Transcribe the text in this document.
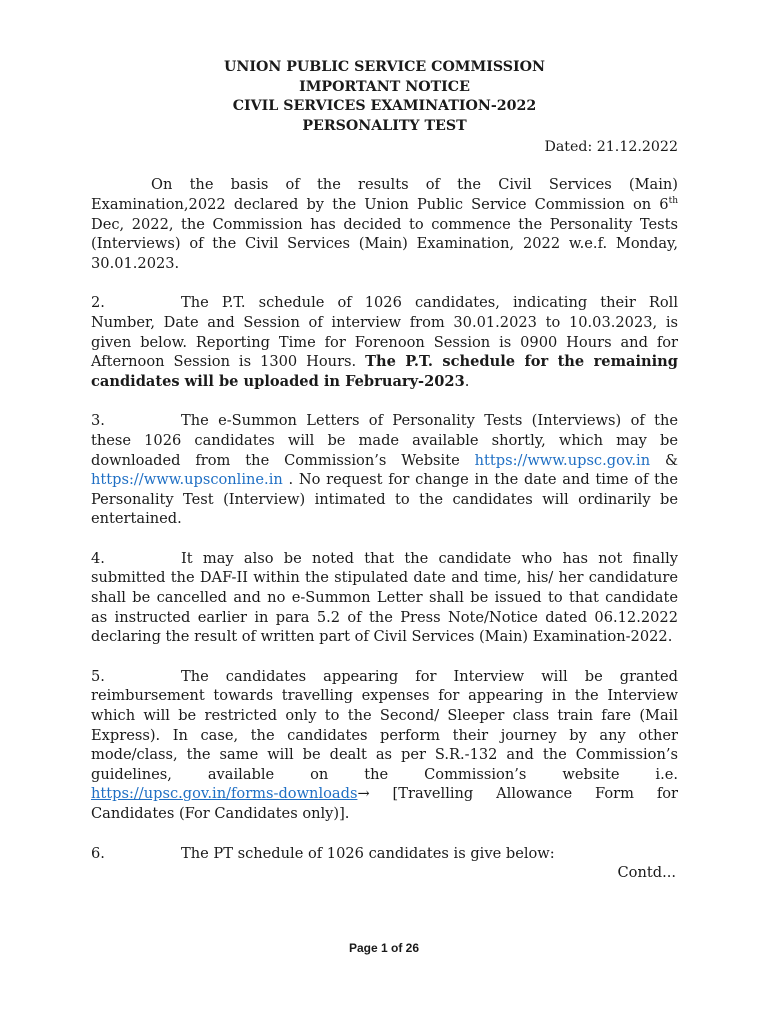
UNION PUBLIC SERVICE COMMISSION
IMPORTANT NOTICE
CIVIL SERVICES EXAMINATION-2022
PERSONALITY TEST
Dated: 21.12.2022

On the basis of the results of the Civil Services (Main) Examination,2022 declared by the Union Public Service Commission on 6th Dec, 2022, the Commission has decided to commence the Personality Tests (Interviews) of the Civil Services (Main) Examination, 2022 w.e.f. Monday, 30.01.2023.

2.	The P.T. schedule of 1026 candidates, indicating their Roll Number, Date and Session of interview from 30.01.2023 to 10.03.2023, is given below. Reporting Time for Forenoon Session is 0900 Hours and for Afternoon Session is 1300 Hours. The P.T. schedule for the remaining candidates will be uploaded in February-2023.

3.	The e-Summon Letters of Personality Tests (Interviews) of the these 1026 candidates will be made available shortly, which may be downloaded from the Commission’s Website https://www.upsc.gov.in & https://www.upsconline.in . No request for change in the date and time of the Personality Test (Interview) intimated to the candidates will ordinarily be entertained.

4.	It may also be noted that the candidate who has not finally submitted the DAF-II within the stipulated date and time, his/ her candidature shall be cancelled and no e-Summon Letter shall be issued to that candidate as instructed earlier in para 5.2 of the Press Note/Notice dated 06.12.2022 declaring the result of written part of Civil Services (Main) Examination-2022.

5.	The candidates appearing for Interview will be granted reimbursement towards travelling expenses for appearing in the Interview which will be restricted only to the Second/ Sleeper class train fare (Mail Express). In case, the candidates perform their journey by any other mode/class, the same will be dealt as per S.R.-132 and the Commission’s guidelines, available on the Commission’s website i.e. https://upsc.gov.in/forms-downloads→ [Travelling Allowance Form for Candidates (For Candidates only)].

6.	The PT schedule of 1026 candidates is give below:

Contd...
Page 1 of 26
